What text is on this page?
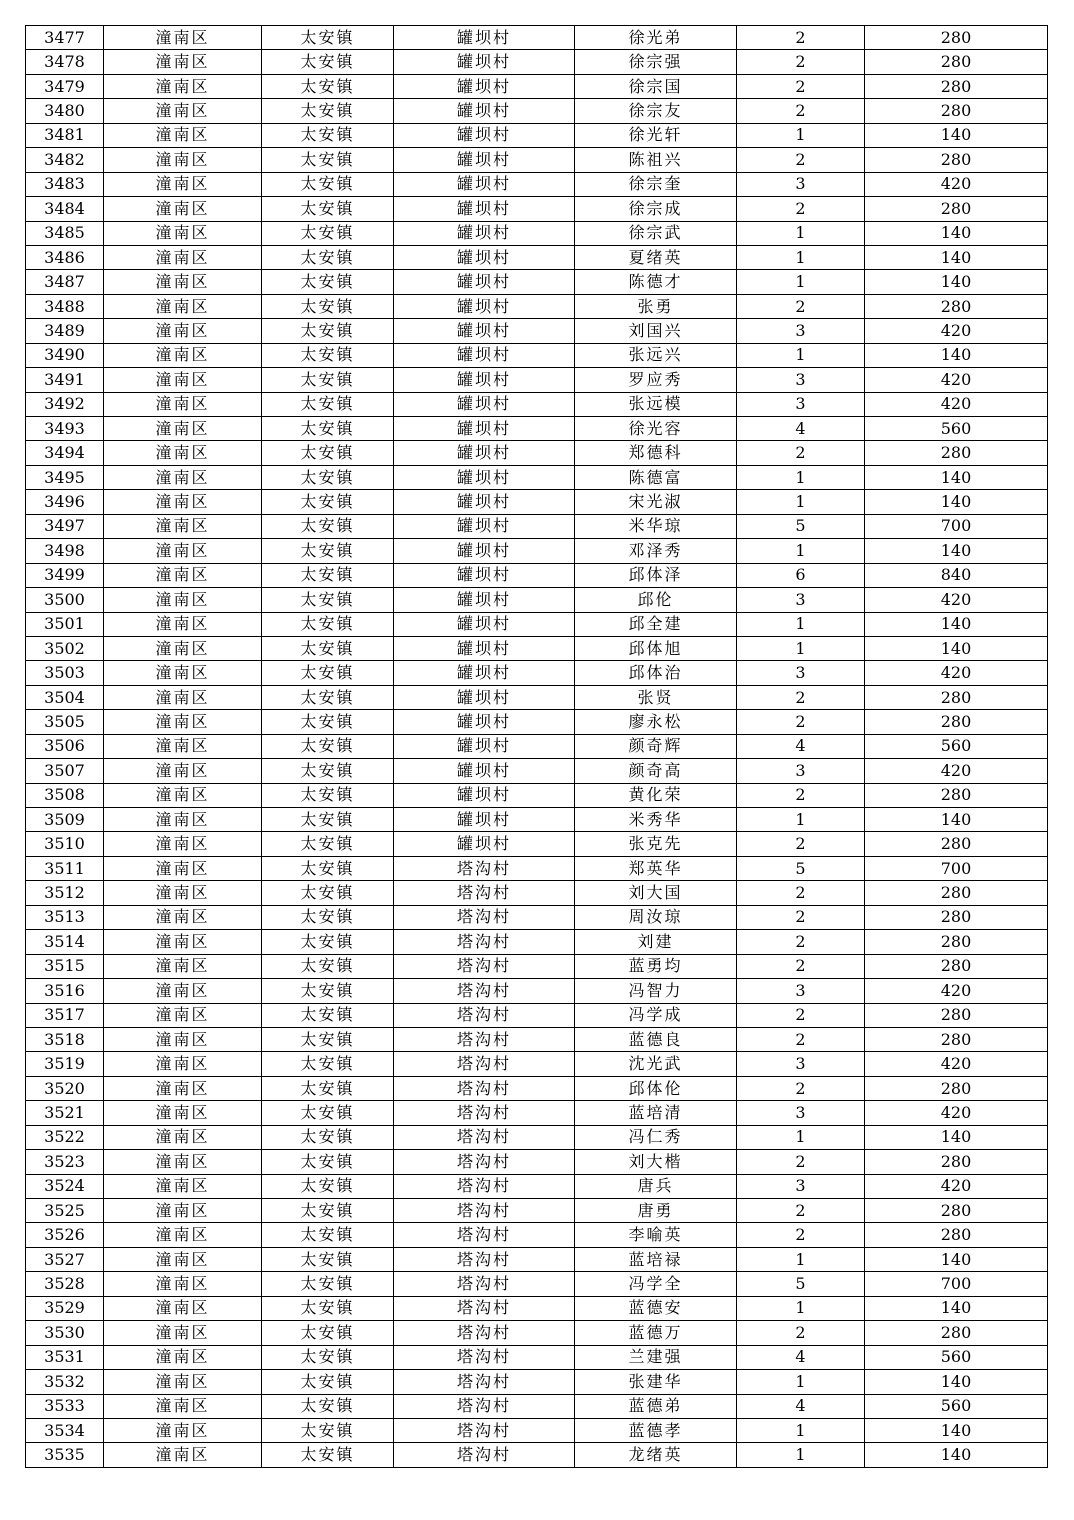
3477	潼南区	太安镇	罐坝村	徐光弟	2	280
3478	潼南区	太安镇	罐坝村	徐宗强	2	280
3479	潼南区	太安镇	罐坝村	徐宗国	2	280
3480	潼南区	太安镇	罐坝村	徐宗友	2	280
3481	潼南区	太安镇	罐坝村	徐光轩	1	140
3482	潼南区	太安镇	罐坝村	陈祖兴	2	280
3483	潼南区	太安镇	罐坝村	徐宗奎	3	420
3484	潼南区	太安镇	罐坝村	徐宗成	2	280
3485	潼南区	太安镇	罐坝村	徐宗武	1	140
3486	潼南区	太安镇	罐坝村	夏绪英	1	140
3487	潼南区	太安镇	罐坝村	陈德才	1	140
3488	潼南区	太安镇	罐坝村	张勇	2	280
3489	潼南区	太安镇	罐坝村	刘国兴	3	420
3490	潼南区	太安镇	罐坝村	张远兴	1	140
3491	潼南区	太安镇	罐坝村	罗应秀	3	420
3492	潼南区	太安镇	罐坝村	张远模	3	420
3493	潼南区	太安镇	罐坝村	徐光容	4	560
3494	潼南区	太安镇	罐坝村	郑德科	2	280
3495	潼南区	太安镇	罐坝村	陈德富	1	140
3496	潼南区	太安镇	罐坝村	宋光淑	1	140
3497	潼南区	太安镇	罐坝村	米华琼	5	700
3498	潼南区	太安镇	罐坝村	邓泽秀	1	140
3499	潼南区	太安镇	罐坝村	邱体泽	6	840
3500	潼南区	太安镇	罐坝村	邱伦	3	420
3501	潼南区	太安镇	罐坝村	邱全建	1	140
3502	潼南区	太安镇	罐坝村	邱体旭	1	140
3503	潼南区	太安镇	罐坝村	邱体治	3	420
3504	潼南区	太安镇	罐坝村	张贤	2	280
3505	潼南区	太安镇	罐坝村	廖永松	2	280
3506	潼南区	太安镇	罐坝村	颜奇辉	4	560
3507	潼南区	太安镇	罐坝村	颜奇高	3	420
3508	潼南区	太安镇	罐坝村	黄化荣	2	280
3509	潼南区	太安镇	罐坝村	米秀华	1	140
3510	潼南区	太安镇	罐坝村	张克先	2	280
3511	潼南区	太安镇	塔沟村	郑英华	5	700
3512	潼南区	太安镇	塔沟村	刘大国	2	280
3513	潼南区	太安镇	塔沟村	周汝琼	2	280
3514	潼南区	太安镇	塔沟村	刘建	2	280
3515	潼南区	太安镇	塔沟村	蓝勇均	2	280
3516	潼南区	太安镇	塔沟村	冯智力	3	420
3517	潼南区	太安镇	塔沟村	冯学成	2	280
3518	潼南区	太安镇	塔沟村	蓝德良	2	280
3519	潼南区	太安镇	塔沟村	沈光武	3	420
3520	潼南区	太安镇	塔沟村	邱体伦	2	280
3521	潼南区	太安镇	塔沟村	蓝培清	3	420
3522	潼南区	太安镇	塔沟村	冯仁秀	1	140
3523	潼南区	太安镇	塔沟村	刘大楷	2	280
3524	潼南区	太安镇	塔沟村	唐兵	3	420
3525	潼南区	太安镇	塔沟村	唐勇	2	280
3526	潼南区	太安镇	塔沟村	李喻英	2	280
3527	潼南区	太安镇	塔沟村	蓝培禄	1	140
3528	潼南区	太安镇	塔沟村	冯学全	5	700
3529	潼南区	太安镇	塔沟村	蓝德安	1	140
3530	潼南区	太安镇	塔沟村	蓝德万	2	280
3531	潼南区	太安镇	塔沟村	兰建强	4	560
3532	潼南区	太安镇	塔沟村	张建华	1	140
3533	潼南区	太安镇	塔沟村	蓝德弟	4	560
3534	潼南区	太安镇	塔沟村	蓝德孝	1	140
3535	潼南区	太安镇	塔沟村	龙绪英	1	140
